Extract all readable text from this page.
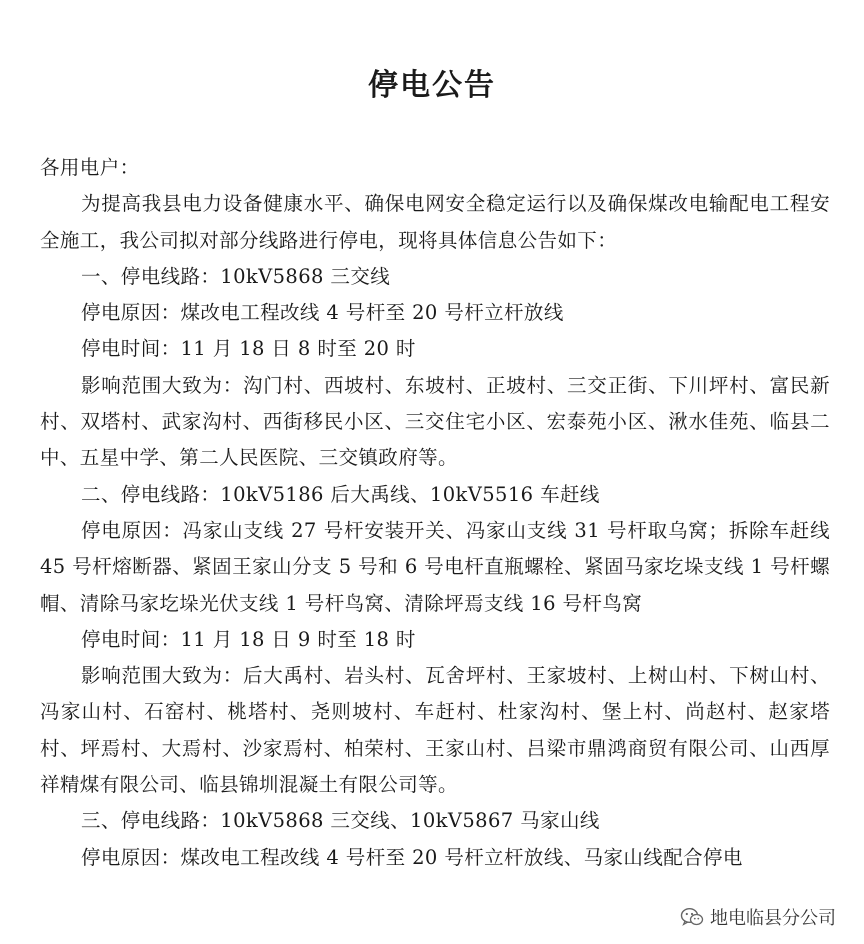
停电公告

各用电户：

为提高我县电力设备健康水平、确保电网安全稳定运行以及确保煤改电输配电工程安全施工，我公司拟对部分线路进行停电，现将具体信息公告如下：

一、停电线路：10kV5868 三交线

停电原因：煤改电工程改线 4 号杆至 20 号杆立杆放线

停电时间：11 月 18 日 8 时至 20 时

影响范围大致为：沟门村、西坡村、东坡村、正坡村、三交正街、下川坪村、富民新村、双塔村、武家沟村、西街移民小区、三交住宅小区、宏泰苑小区、湫水佳苑、临县二中、五星中学、第二人民医院、三交镇政府等。

二、停电线路：10kV5186 后大禹线、10kV5516 车赶线

停电原因：冯家山支线 27 号杆安装开关、冯家山支线 31 号杆取乌窝；拆除车赶线 45 号杆熔断器、紧固王家山分支 5 号和 6 号电杆直瓶螺栓、紧固马家圪垛支线 1 号杆螺帽、清除马家圪垛光伏支线 1 号杆鸟窝、清除坪焉支线 16 号杆鸟窝

停电时间：11 月 18 日 9 时至 18 时

影响范围大致为：后大禹村、岩头村、瓦舍坪村、王家坡村、上树山村、下树山村、冯家山村、石窑村、桃塔村、尧则坡村、车赶村、杜家沟村、堡上村、尚赵村、赵家塔村、坪焉村、大焉村、沙家焉村、柏荣村、王家山村、吕梁市鼎鸿商贸有限公司、山西厚祥精煤有限公司、临县锦圳混凝土有限公司等。

三、停电线路：10kV5868 三交线、10kV5867 马家山线

停电原因：煤改电工程改线 4 号杆至 20 号杆立杆放线、马家山线配合停电

地电临县分公司
